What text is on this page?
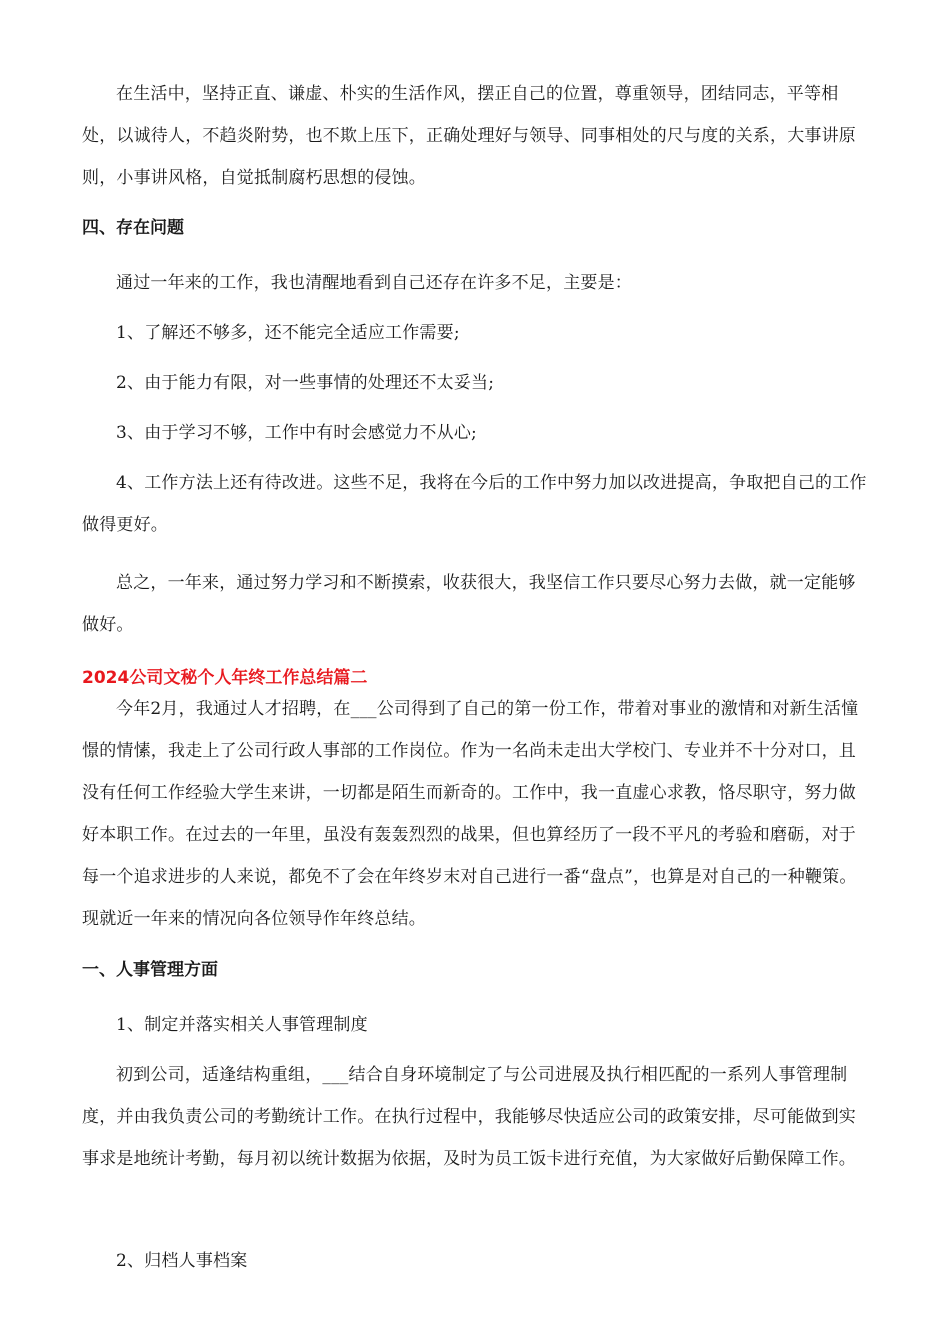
在生活中，坚持正直、谦虚、朴实的生活作风，摆正自己的位置，尊重领导，团结同志，平等相处，以诚待人，不趋炎附势，也不欺上压下，正确处理好与领导、同事相处的尺与度的关系，大事讲原则，小事讲风格，自觉抵制腐朽思想的侵蚀。

四、存在问题

通过一年来的工作，我也清醒地看到自己还存在许多不足，主要是：

1、了解还不够多，还不能完全适应工作需要;

2、由于能力有限，对一些事情的处理还不太妥当;

3、由于学习不够，工作中有时会感觉力不从心;

4、工作方法上还有待改进。这些不足，我将在今后的工作中努力加以改进提高，争取把自己的工作做得更好。

总之，一年来，通过努力学习和不断摸索，收获很大，我坚信工作只要尽心努力去做，就一定能够做好。

2024公司文秘个人年终工作总结篇二

今年2月，我通过人才招聘，在___公司得到了自己的第一份工作，带着对事业的激情和对新生活憧憬的情愫，我走上了公司行政人事部的工作岗位。作为一名尚未走出大学校门、专业并不十分对口，且没有任何工作经验大学生来讲，一切都是陌生而新奇的。工作中，我一直虚心求教，恪尽职守，努力做好本职工作。在过去的一年里，虽没有轰轰烈烈的战果，但也算经历了一段不平凡的考验和磨砺，对于每一个追求进步的人来说，都免不了会在年终岁末对自己进行一番“盘点”，也算是对自己的一种鞭策。现就近一年来的情况向各位领导作年终总结。

一、人事管理方面

1、制定并落实相关人事管理制度

初到公司，适逢结构重组，___结合自身环境制定了与公司进展及执行相匹配的一系列人事管理制度，并由我负责公司的考勤统计工作。在执行过程中，我能够尽快适应公司的政策安排，尽可能做到实事求是地统计考勤，每月初以统计数据为依据，及时为员工饭卡进行充值，为大家做好后勤保障工作。

2、归档人事档案
